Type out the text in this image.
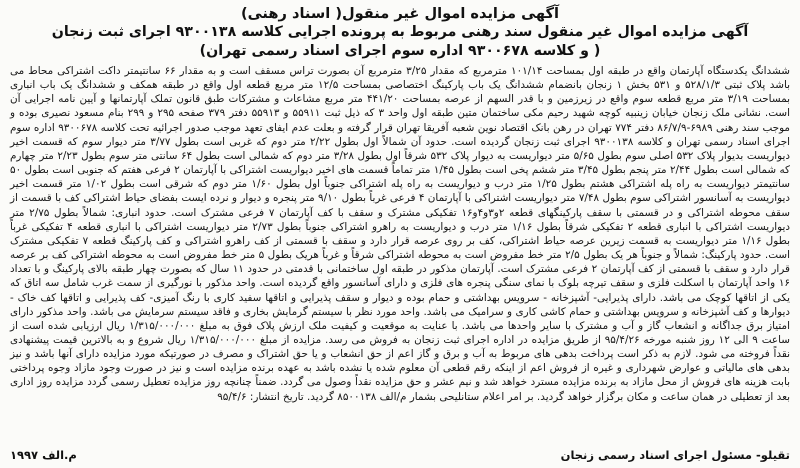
آگهی مزایده اموال غیر منقول( اسناد رهنی)
آگهی مزایده اموال غیر منقول سند رهنی مربوط به پرونده اجرایی کلاسه ۹۳۰۰۱۳۸ اجرای ثبت زنجان
( و کلاسه ۹۳۰۰۶۷۸ اداره سوم اجرای اسناد رسمی تهران)
ششدانگ یکدستگاه آپارتمان واقع در طبقه اول بمساحت ۱۰۱/۱۴ مترمربع که مقدار ۳/۲۵ مترمربع آن بصورت تراس مسقف است و به مقدار ۶۶ سانتیمتر داکت اشتراکی محاط می باشد پلاک ثبتی ۵۲۸/۱/۳ و ۵۳۱ بخش ۱ زنجان بانضمام ششدانگ یک باب پارکینگ اختصاصی بمساحت ۱۲/۵ متر مربع قطعه اول واقع در طبقه همکف و ششدانگ یک باب انباری بمساحت ۳/۱۹ متر مربع قطعه سوم واقع در زیرزمین و با قدر السهم از عرصه بمساحت ۴۴۱/۲۰ متر مربع مشاعات و مشترکات طبق قانون تملک آپارتمانها و آیین نامه اجرایی آن است. نشانی ملک زنجان خیابان زینبیه کوچه شهید رحیم مکی ساختمان متین طبقه اول واحد ۳ که ذیل ثبت ۵۵۹۱۱ و ۵۵۹۱۳ دفتر ۳۷۹ صفحه ۲۹۵ و ۲۹۹ بنام مسعود نصیری بوده و موجب سند رهنی ۶۹۸۹-۸۶/۷/۹ دفتر ۷۷۴ تهران در رهن بانک اقتصاد نوین شعبه آفریقا تهران قرار گرفته و بعلت عدم ایفای تعهد موجب صدور اجرائیه تحت کلاسه ۹۳۰۰۶۷۸ اداره سوم اجرای اسناد رسمی تهران و کلاسه ۹۳۰۰۱۳۸ اجرای ثبت زنجان گردیده است. حدود آن شمالاً اول بطول ۲/۲۲ متر دوم که غربی است بطول ۳/۷۷ متر دیوار سوم که قسمت اخیر دیواریست بدیوار پلاک ۵۳۲ اصلی سوم بطول ۵/۶۵ متر دیواریست به دیوار پلاک ۵۳۲ شرقاً اول بطول ۳/۲۸ متر دوم که شمالی است بطول ۶۴ سانتی متر سوم بطول ۲/۲۳ متر چهارم که شمالی است بطول ۲/۴۴ متر پنجم بطول ۳/۴۵ متر ششم پخی است بطول ۱/۴۵ متر تماماً قسمت های اخیر دیواریست اشتراکی با آپارتمان ۲ فرعی هفتم که جنوبی است بطول ۵۰ سانتیمتر دیواریست به راه پله اشتراکی هشتم بطول ۱/۲۵ متر درب و دیواریست به راه پله اشتراکی جنوباً اول بطول ۱/۶۰ متر دوم که شرقی است بطول ۱/۰۲ متر قسمت اخیر دیواریست به آسانسور اشتراکی سوم بطول ۷/۴۸ متر دیواریست اشتراکی با آپارتمان ۴ فرعی غرباً بطول ۹/۱۰ متر پنجره و دیوار و نرده ایست بفضای حیاط اشتراکی کف با قسمت از سقف محوطه اشتراکی و در قسمتی با سقف پارکینگهای قطعه ۲و۳و۴و۱۶ تفکیکی مشترک و سقف با کف آپارتمان ۷ فرعی مشترک است. حدود انباری: شمالاً بطول ۲/۷۵ متر دیواریست اشتراکی با انباری قطعه ۲ تفکیکی شرقاً بطول ۱/۱۶ متر درب و دیواریست به راهرو اشتراکی جنوباً بطول ۲/۷۳ متر دیواریست اشتراکی با انباری قطعه ۴ تفکیکی غرباً بطول ۱/۱۶ متر دیواریست به قسمت زیرین عرصه حیاط اشتراکی، کف بر روی عرصه قرار دارد و سقف با قسمتی از کف راهرو اشتراکی و کف پارکینگ قطعه ۷ تفکیکی مشترک است. حدود پارکینگ: شمالاً و جنوباً هر یک بطول ۲/۵ متر خط مفروض است به محوطه اشتراکی شرقاً و غرباً هریک بطول ۵ متر خط مفروض است به محوطه اشتراکی کف بر عرصه قرار دارد و سقف با قسمتی از کف آپارتمان ۲ فرعی مشترک است. آپارتمان مذکور در طبقه اول ساختمانی با قدمتی در حدود ۱۱ سال که بصورت چهار طبقه بالای پارکینگ و با تعداد ۱۶ واحد آپارتمان با اسکلت فلزی و سقف تیرچه بلوک با نمای سنگی پنجره های فلزی و دارای آسانسور واقع گردیده است. واحد مذکور با نورگیری از سمت غرب شامل سه اتاق که یکی از اتاقها کوچک می باشد. دارای پذیرایی- آشپزخانه - سرویس بهداشتی و حمام بوده و دیوار و سقف پذیرایی و اتاقها سفید کاری با رنگ آمیزی- کف پذیرایی و اتاقها کف خاک - دیوارها و کف آشپزخانه و سرویس بهداشتی و حمام کاشی کاری و سرامیک می باشد. واحد مورد نظر با سیستم گرمایش بخاری و فاقد سیستم سرمایش می باشد. واحد مذکور دارای امتیاز برق جداگانه و انشعاب گاز و آب و مشترک با سایر واحدها می باشد. با عنایت به موقعیت و کیفیت ملک ارزش پلاک فوق به مبلغ ۱/۳۱۵/۰۰۰/۰۰۰ ریال ارزیابی شده است از ساعت ۹ الی ۱۲ روز شنبه مورخه ۹۵/۴/۲۶ از طریق مزایده در اداره اجرای ثبت زنجان به فروش می رسد. مزایده از مبلغ ۱/۳۱۵/۰۰۰/۰۰۰ ریال شروع و به بالاترین قیمت پیشنهادی نقداً فروخته می شود. لازم به ذکر است پرداخت بدهی های مربوط به آب و برق و گاز اعم از حق انشعاب و یا حق اشتراک و مصرف در صورتیکه مورد مزایده دارای آنها باشد و نیز بدهی های مالیاتی و عوارض شهرداری و غیره از فروش اعم از اینکه رقم قطعی آن معلوم شده یا نشده باشد به عهده برنده مزایده است و نیز در صورت وجود مازاد وجوه پرداختی بابت هزینه های فروش از محل مازاد به برنده مزایده مسترد خواهد شد و نیم عشر و حق مزایده نقداً وصول می گردد. ضمناً چنانچه روز مزایده تعطیل رسمی گردد مزایده روز اداری بعد از تعطیلی در همان ساعت و مکان برگزار خواهد گردید. بر امر اعلام ستانلیحی بشمار م/الف ۸۵۰۰۱۳۸ گردید. تاریخ انتشار: ۹۵/۴/۶
تقیلو- مسئول اجرای اسناد رسمی زنجان
م.الف ۱۹۹۷
